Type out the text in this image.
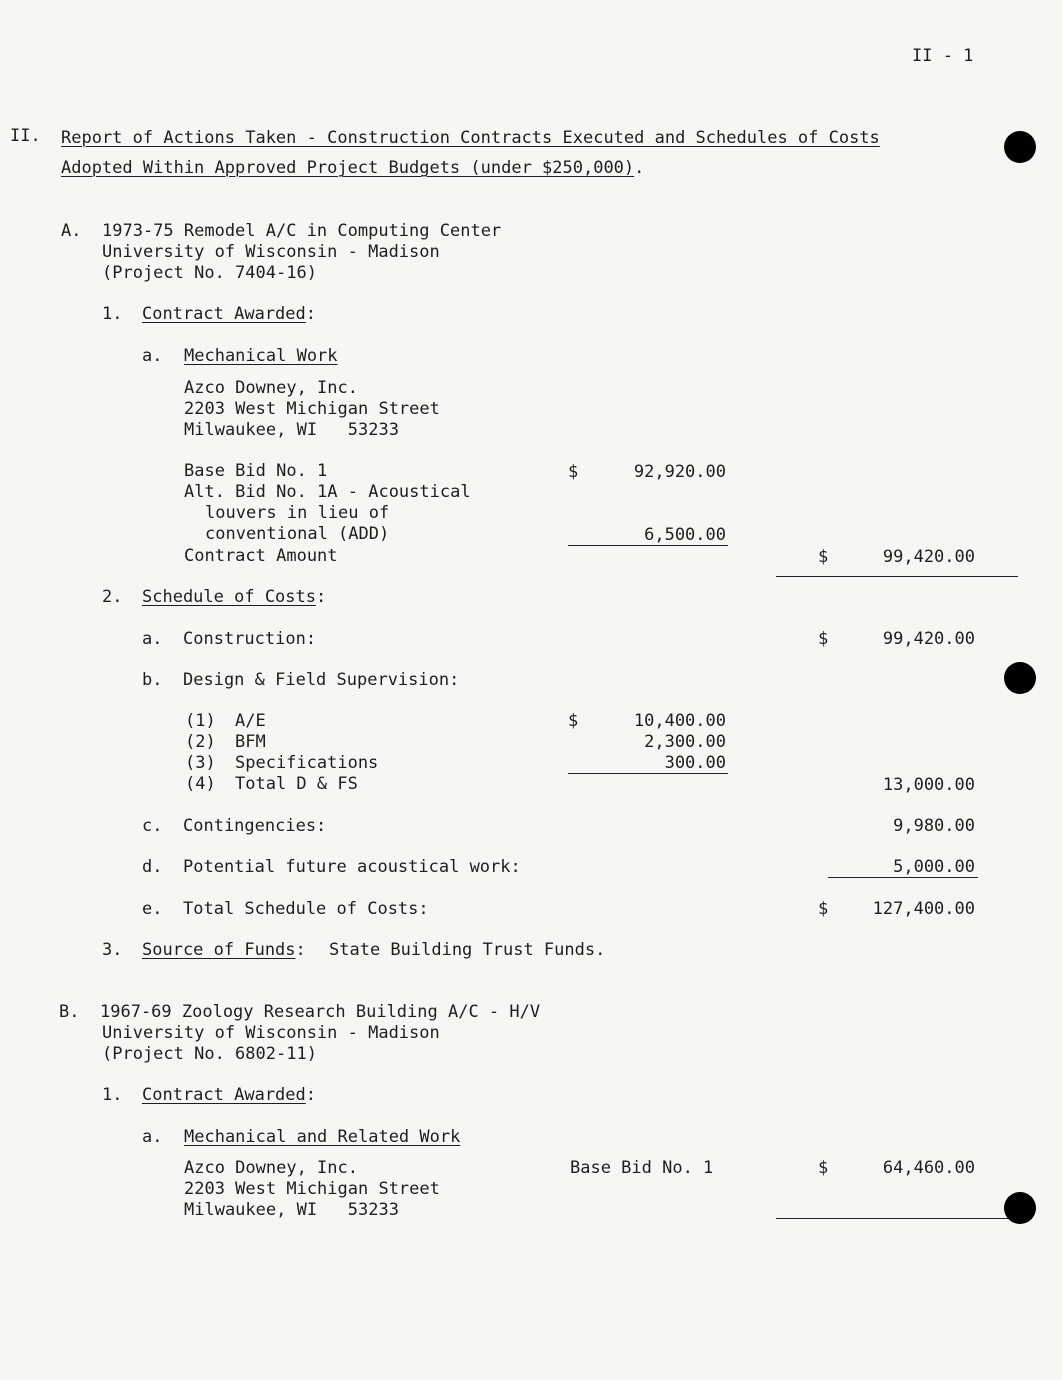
II - 1
II. Report of Actions Taken - Construction Contracts Executed and Schedules of Costs
Adopted Within Approved Project Budgets (under $250,000).
A. 1973-75 Remodel A/C in Computing Center
University of Wisconsin - Madison
(Project No. 7404-16)
1. Contract Awarded:
a. Mechanical Work
Azco Downey, Inc.
2203 West Michigan Street
Milwaukee, WI   53233
Base Bid No. 1	$	92,920.00
Alt. Bid No. 1A - Acoustical
louvers in lieu of
conventional (ADD)	6,500.00
Contract Amount	$	99,420.00
2. Schedule of Costs:
a. Construction:	$	99,420.00
b. Design & Field Supervision:
(1) A/E	$	10,400.00
(2) BFM	2,300.00
(3) Specifications	300.00
(4) Total D & FS	13,000.00
c. Contingencies:	9,980.00
d. Potential future acoustical work:	5,000.00
e. Total Schedule of Costs:	$	127,400.00
3. Source of Funds: State Building Trust Funds.
B. 1967-69 Zoology Research Building A/C - H/V
University of Wisconsin - Madison
(Project No. 6802-11)
1. Contract Awarded:
a. Mechanical and Related Work
Azco Downey, Inc.	Base Bid No. 1	$	64,460.00
2203 West Michigan Street
Milwaukee, WI   53233
